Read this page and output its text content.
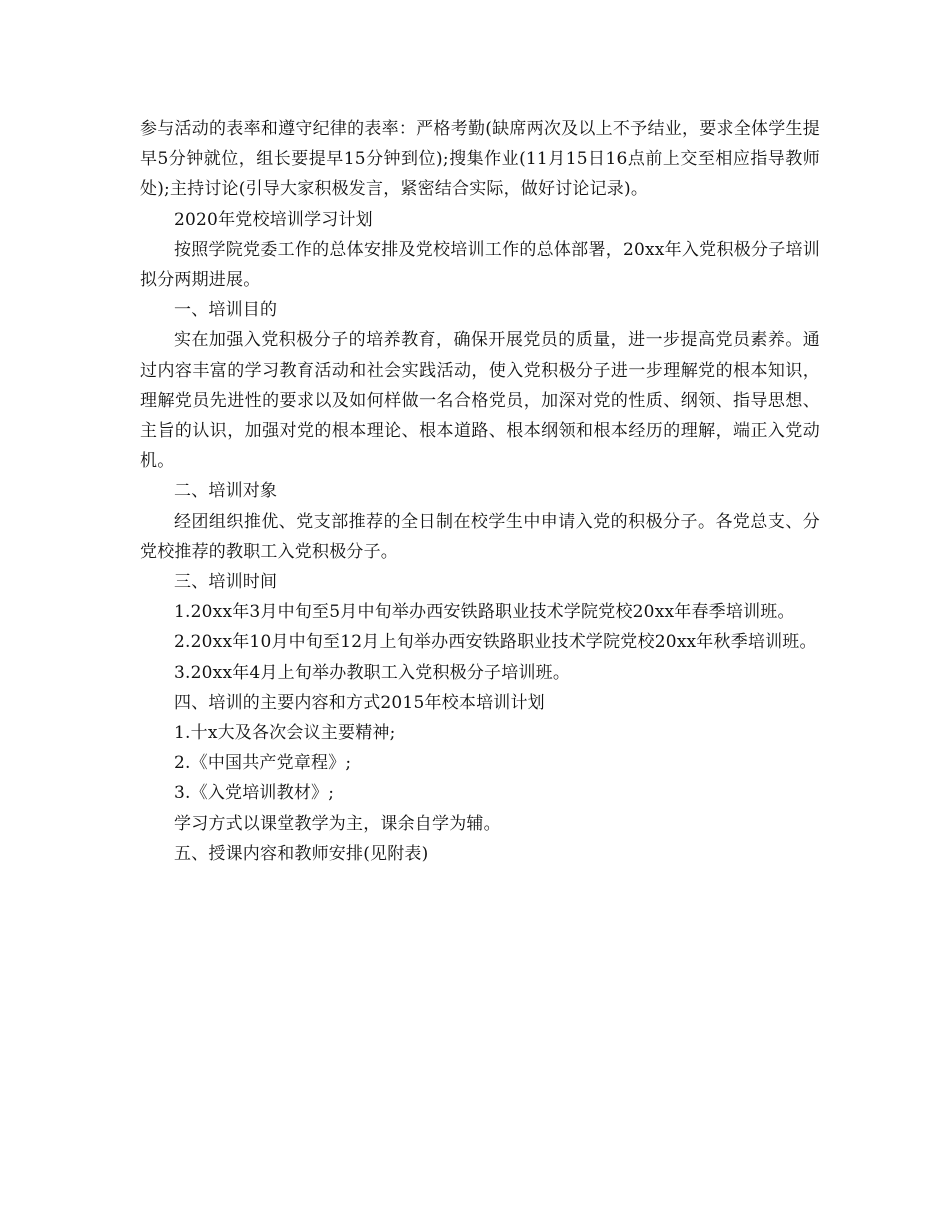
参与活动的表率和遵守纪律的表率：严格考勤(缺席两次及以上不予结业，要求全体学生提早5分钟就位，组长要提早15分钟到位);搜集作业(11月15日16点前上交至相应指导教师处);主持讨论(引导大家积极发言，紧密结合实际，做好讨论记录)。

2020年党校培训学习计划

按照学院党委工作的总体安排及党校培训工作的总体部署，20xx年入党积极分子培训拟分两期进展。

一、培训目的

实在加强入党积极分子的培养教育，确保开展党员的质量，进一步提高党员素养。通过内容丰富的学习教育活动和社会实践活动，使入党积极分子进一步理解党的根本知识，理解党员先进性的要求以及如何样做一名合格党员，加深对党的性质、纲领、指导思想、主旨的认识，加强对党的根本理论、根本道路、根本纲领和根本经历的理解，端正入党动机。

二、培训对象

经团组织推优、党支部推荐的全日制在校学生中申请入党的积极分子。各党总支、分党校推荐的教职工入党积极分子。

三、培训时间

1.20xx年3月中旬至5月中旬举办西安铁路职业技术学院党校20xx年春季培训班。

2.20xx年10月中旬至12月上旬举办西安铁路职业技术学院党校20xx年秋季培训班。

3.20xx年4月上旬举办教职工入党积极分子培训班。

四、培训的主要内容和方式2015年校本培训计划

1.十x大及各次会议主要精神;

2.《中国共产党章程》;

3.《入党培训教材》;

学习方式以课堂教学为主，课余自学为辅。

五、授课内容和教师安排(见附表)
